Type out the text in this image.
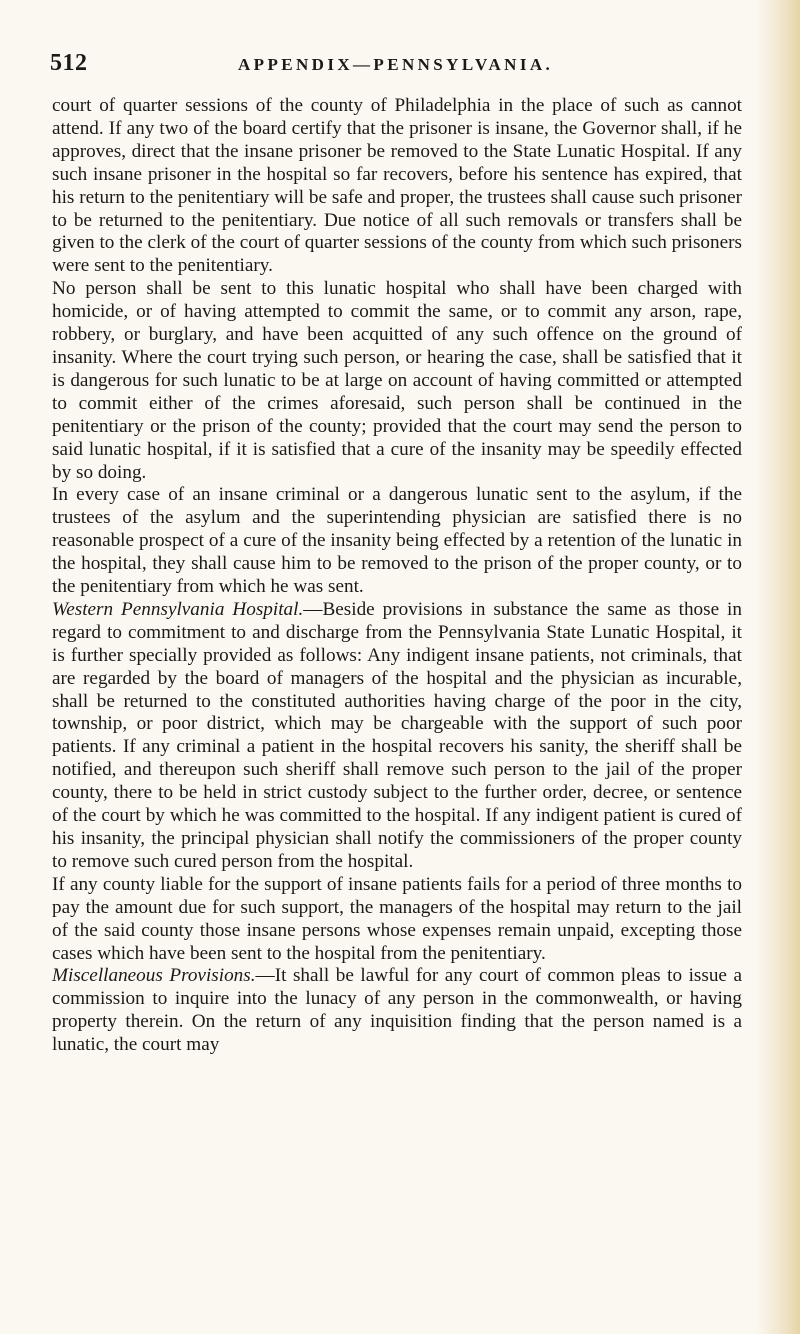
512	APPENDIX—PENNSYLVANIA.

court of quarter sessions of the county of Philadelphia in the place of such as cannot attend. If any two of the board certify that the prisoner is insane, the Governor shall, if he approves, direct that the insane prisoner be removed to the State Lunatic Hospital. If any such insane prisoner in the hospital so far recovers, before his sentence has expired, that his return to the penitentiary will be safe and proper, the trustees shall cause such prisoner to be returned to the penitentiary. Due notice of all such removals or transfers shall be given to the clerk of the court of quarter sessions of the county from which such prisoners were sent to the penitentiary.

No person shall be sent to this lunatic hospital who shall have been charged with homicide, or of having attempted to commit the same, or to commit any arson, rape, robbery, or burglary, and have been acquitted of any such offence on the ground of insanity. Where the court trying such person, or hearing the case, shall be satisfied that it is dangerous for such lunatic to be at large on account of having committed or attempted to commit either of the crimes aforesaid, such person shall be continued in the penitentiary or the prison of the county; provided that the court may send the person to said lunatic hospital, if it is satisfied that a cure of the insanity may be speedily effected by so doing.

In every case of an insane criminal or a dangerous lunatic sent to the asylum, if the trustees of the asylum and the superintending physician are satisfied there is no reasonable prospect of a cure of the insanity being effected by a retention of the lunatic in the hospital, they shall cause him to be removed to the prison of the proper county, or to the penitentiary from which he was sent.

Western Pennsylvania Hospital.—Beside provisions in substance the same as those in regard to commitment to and discharge from the Pennsylvania State Lunatic Hospital, it is further specially provided as follows: Any indigent insane patients, not criminals, that are regarded by the board of managers of the hospital and the physician as incurable, shall be returned to the constituted authorities having charge of the poor in the city, township, or poor district, which may be chargeable with the support of such poor patients. If any criminal a patient in the hospital recovers his sanity, the sheriff shall be notified, and thereupon such sheriff shall remove such person to the jail of the proper county, there to be held in strict custody subject to the further order, decree, or sentence of the court by which he was committed to the hospital. If any indigent patient is cured of his insanity, the principal physician shall notify the commissioners of the proper county to remove such cured person from the hospital.

If any county liable for the support of insane patients fails for a period of three months to pay the amount due for such support, the managers of the hospital may return to the jail of the said county those insane persons whose expenses remain unpaid, excepting those cases which have been sent to the hospital from the penitentiary.

Miscellaneous Provisions.—It shall be lawful for any court of common pleas to issue a commission to inquire into the lunacy of any person in the commonwealth, or having property therein. On the return of any inquisition finding that the person named is a lunatic, the court may
